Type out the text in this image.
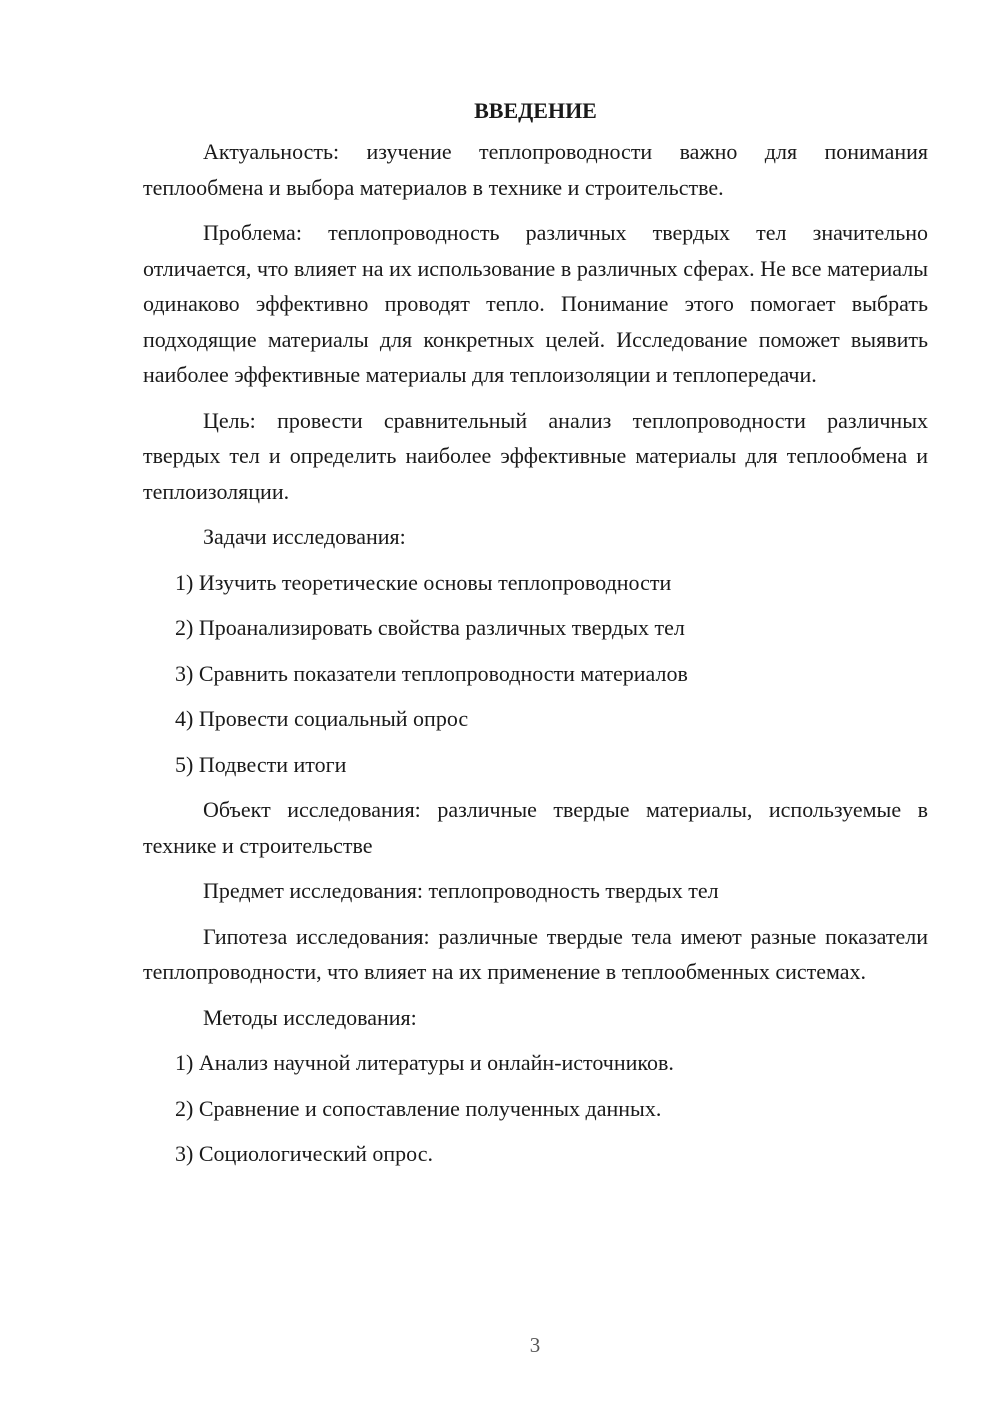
ВВЕДЕНИЕ

Актуальность: изучение теплопроводности важно для понимания теплообмена и выбора материалов в технике и строительстве.

Проблема: теплопроводность различных твердых тел значительно отличается, что влияет на их использование в различных сферах. Не все материалы одинаково эффективно проводят тепло. Понимание этого помогает выбрать подходящие материалы для конкретных целей. Исследование поможет выявить наиболее эффективные материалы для теплоизоляции и теплопередачи.

Цель: провести сравнительный анализ теплопроводности различных твердых тел и определить наиболее эффективные материалы для теплообмена и теплоизоляции.

Задачи исследования:
1) Изучить теоретические основы теплопроводности
2) Проанализировать свойства различных твердых тел
3) Сравнить показатели теплопроводности материалов
4) Провести социальный опрос
5) Подвести итоги

Объект исследования: различные твердые материалы, используемые в технике и строительстве

Предмет исследования: теплопроводность твердых тел

Гипотеза исследования: различные твердые тела имеют разные показатели теплопроводности, что влияет на их применение в теплообменных системах.

Методы исследования:
1) Анализ научной литературы и онлайн-источников.
2) Сравнение и сопоставление полученных данных.
3) Социологический опрос.
3
